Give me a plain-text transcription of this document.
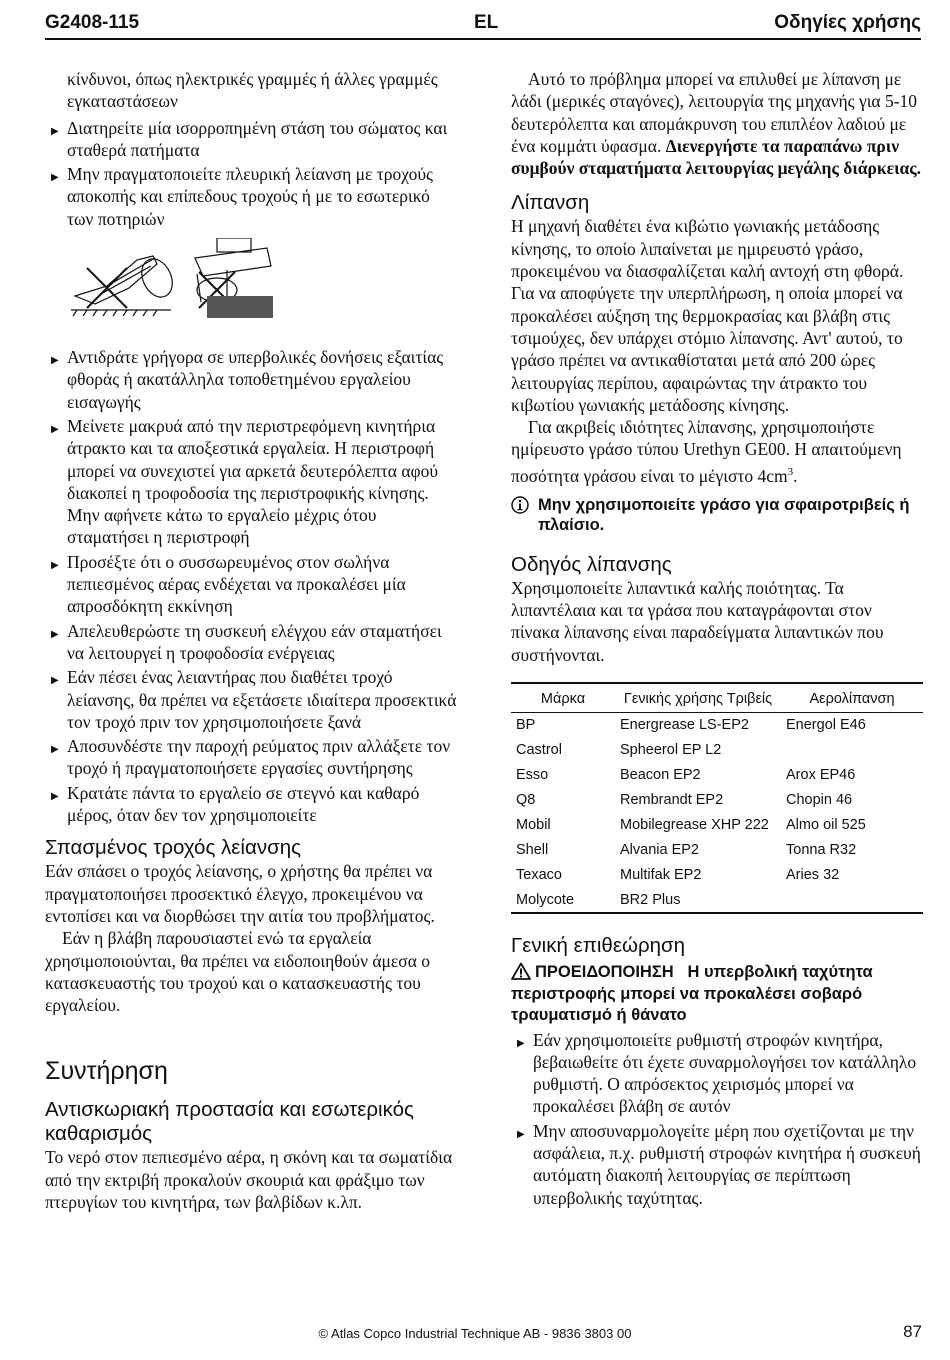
G2408-115	EL	Οδηγίες χρήσης

κίνδυνοι, όπως ηλεκτρικές γραμμές ή άλλες γραμμές εγκαταστάσεων

▶ Διατηρείτε μία ισορροπημένη στάση του σώματος και σταθερά πατήματα
▶ Μην πραγματοποιείτε πλευρική λείανση με τροχούς αποκοπής και επίπεδους τροχούς ή με το εσωτερικό των ποτηριών
▶ Αντιδράτε γρήγορα σε υπερβολικές δονήσεις εξαιτίας φθοράς ή ακατάλληλα τοποθετημένου εργαλείου εισαγωγής
▶ Μείνετε μακρυά από την περιστρεφόμενη κινητήρια άτρακτο και τα αποξεστικά εργαλεία. Η περιστροφή μπορεί να συνεχιστεί για αρκετά δευτερόλεπτα αφού διακοπεί η τροφοδοσία της περιστροφικής κίνησης. Μην αφήνετε κάτω το εργαλείο μέχρις ότου σταματήσει η περιστροφή
▶ Προσέξτε ότι ο συσσωρευμένος στον σωλήνα πεπιεσμένος αέρας ενδέχεται να προκαλέσει μία απροσδόκητη εκκίνηση
▶ Απελευθερώστε τη συσκευή ελέγχου εάν σταματήσει να λειτουργεί η τροφοδοσία ενέργειας
▶ Εάν πέσει ένας λειαντήρας που διαθέτει τροχό λείανσης, θα πρέπει να εξετάσετε ιδιαίτερα προσεκτικά τον τροχό πριν τον χρησιμοποιήσετε ξανά
▶ Αποσυνδέστε την παροχή ρεύματος πριν αλλάξετε τον τροχό ή πραγματοποιήσετε εργασίες συντήρησης
▶ Κρατάτε πάντα το εργαλείο σε στεγνό και καθαρό μέρος, όταν δεν τον χρησιμοποιείτε
Σπασμένος τροχός λείανσης

Εάν σπάσει ο τροχός λείανσης, ο χρήστης θα πρέπει να πραγματοποιήσει προσεκτικό έλεγχο, προκειμένου να εντοπίσει και να διορθώσει την αιτία του προβλήματος.

Εάν η βλάβη παρουσιαστεί ενώ τα εργαλεία χρησιμοποιούνται, θα πρέπει να ειδοποιηθούν άμεσα ο κατασκευαστής του τροχού και ο κατασκευαστής του εργαλείου.

Συντήρηση
Αντισκωριακή προστασία και εσωτερικός καθαρισμός

Το νερό στον πεπιεσμένο αέρα, η σκόνη και τα σωματίδια από την εκτριβή προκαλούν σκουριά και φράξιμο των πτερυγίων του κινητήρα, των βαλβίδων κ.λπ.

Αυτό το πρόβλημα μπορεί να επιλυθεί με λίπανση με λάδι (μερικές σταγόνες), λειτουργία της μηχανής για 5-10 δευτερόλεπτα και απομάκρυνση του επιπλέον λαδιού με ένα κομμάτι ύφασμα. Διενεργήστε τα παραπάνω πριν συμβούν σταματήματα λειτουργίας μεγάλης διάρκειας.

Λίπανση

Η μηχανή διαθέτει ένα κιβώτιο γωνιακής μετάδοσης κίνησης, το οποίο λιπαίνεται με ημιρευστό γράσο, προκειμένου να διασφαλίζεται καλή αντοχή στη φθορά. Για να αποφύγετε την υπερπλήρωση, η οποία μπορεί να προκαλέσει αύξηση της θερμοκρασίας και βλάβη στις τσιμούχες, δεν υπάρχει στόμιο λίπανσης. Αντ' αυτού, το γράσο πρέπει να αντικαθίσταται μετά από 200 ώρες λειτουργίας περίπου, αφαιρώντας την άτρακτο του κιβωτίου γωνιακής μετάδοσης κίνησης.

Για ακριβείς ιδιότητες λίπανσης, χρησιμοποιήστε ημίρευστο γράσο τύπου Urethyn GE00. Η απαιτούμενη ποσότητα γράσου είναι το μέγιστο $4cm^3$.

Μην χρησιμοποιείτε γράσο για σφαιροτριβείς ή πλαίσιο.
Οδηγός λίπανσης

Χρησιμοποιείτε λιπαντικά καλής ποιότητας. Τα λιπαντέλαια και τα γράσα που καταγράφονται στον πίνακα λίπανσης είναι παραδείγματα λιπαντικών που συστήνονται.

Μάρκα	Γενικής χρήσης Τριβείς	Αερολίπανση
BP	Energrease LS-EP2	Energol E46
Castrol	Spheerol EP L2	
Esso	Beacon EP2	Arox EP46
Q8	Rembrandt EP2	Chopin 46
Mobil	Mobilegrease XHP 222	Almo oil 525
Shell	Alvania EP2	Tonna R32
Texaco	Multifak EP2	Aries 32
Molycote	BR2 Plus	
Γενική επιθεώρηση
ΠΡΟΕΙΔΟΠΟΙΗΣΗ Η υπερβολική ταχύτητα περιστροφής μπορεί να προκαλέσει σοβαρό τραυματισμό ή θάνατο
▶ Εάν χρησιμοποιείτε ρυθμιστή στροφών κινητήρα, βεβαιωθείτε ότι έχετε συναρμολογήσει τον κατάλληλο ρυθμιστή. Ο απρόσεκτος χειρισμός μπορεί να προκαλέσει βλάβη σε αυτόν
▶ Μην αποσυναρμολογείτε μέρη που σχετίζονται με την ασφάλεια, π.χ. ρυθμιστή στροφών κινητήρα ή συσκευή αυτόματη διακοπή λειτουργίας σε περίπτωση υπερβολικής ταχύτητας.
© Atlas Copco Industrial Technique AB - 9836 3803 00	87
